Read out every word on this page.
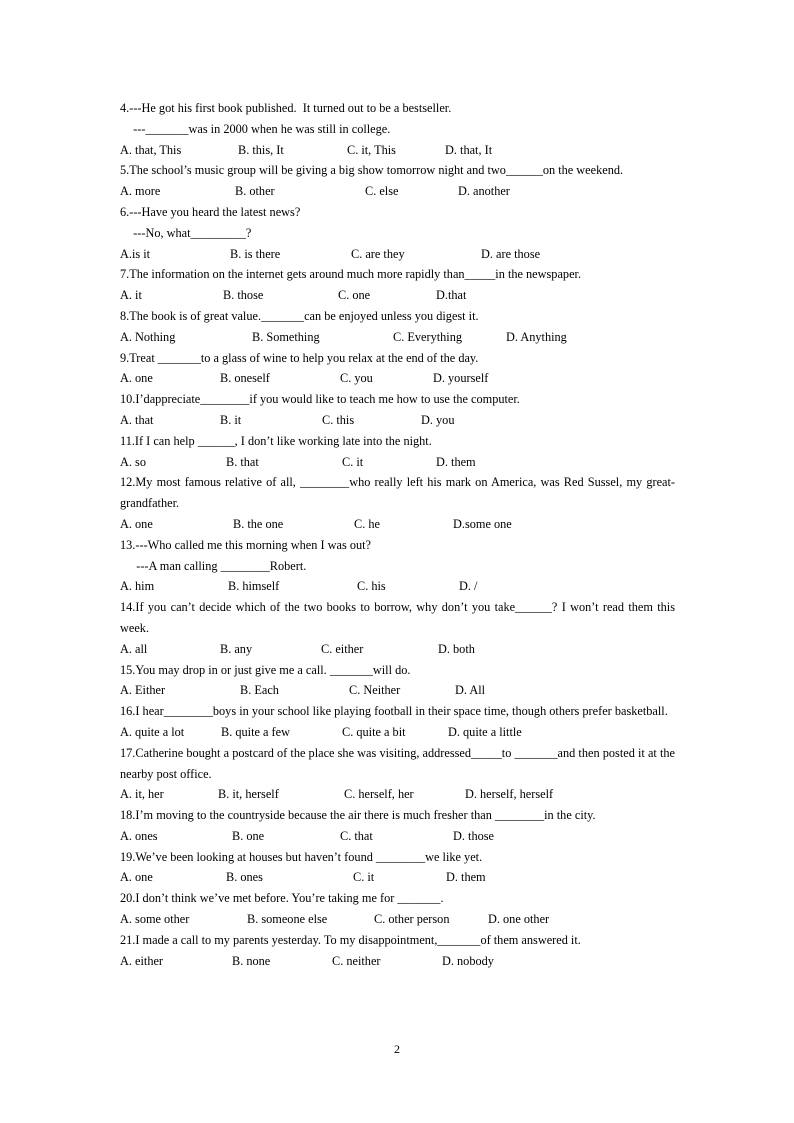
4.---He got his first book published.  It turned out to be a bestseller.

---_______was in 2000 when he was still in college.

A. that, This	B. this, It	C. it, This	D. that, It

5.The school’s music group will be giving a big show tomorrow night and two______on the weekend.

A. more	B. other	C. else	D. another

6.---Have you heard the latest news?

---No, what_________?

A.is it	B. is there	C. are they	D. are those

7.The information on the internet gets around much more rapidly than_____in the newspaper.

A. it	B. those	C. one	D.that

8.The book is of great value._______can be enjoyed unless you digest it.

A. Nothing	B. Something	C. Everything	D. Anything

9.Treat _______to a glass of wine to help you relax at the end of the day.

A. one	B. oneself	C. you	D. yourself

10.I’dappreciate________if you would like to teach me how to use the computer.

A. that	B. it	C. this	D. you

11.If I can help ______, I don’t like working late into the night.

A. so	B. that	C. it	D. them

12.My most famous relative of all, ________who really left his mark on America, was Red Sussel, my great-grandfather.

A. one	B. the one	C. he	D.some one

13.---Who called me this morning when I was out?

---A man calling ________Robert.

A. him	B. himself	C. his	D. /

14.If you can’t decide which of the two books to borrow, why don’t you take______? I won’t read them this week.

A. all	B. any	C. either	D. both

15.You may drop in or just give me a call. _______will do.

A. Either	B. Each	C. Neither	D. All

16.I hear________boys in your school like playing football in their space time, though others prefer basketball.

A. quite a lot	B. quite a few	C. quite a bit	D. quite a little

17.Catherine bought a postcard of the place she was visiting, addressed_____to _______and then posted it at the nearby post office.

A. it, her	B. it, herself	C. herself, her	D. herself, herself

18.I’m moving to the countryside because the air there is much fresher than ________in the city.

A. ones	B. one	C. that	D. those

19.We’ve been looking at houses but haven’t found ________we like yet.

A. one	B. ones	C. it	D. them

20.I don’t think we’ve met before. You’re taking me for _______.

A. some other	B. someone else	C. other person	D. one other

21.I made a call to my parents yesterday. To my disappointment,_______of them answered it.

A. either	B. none	C. neither	D. nobody
2
